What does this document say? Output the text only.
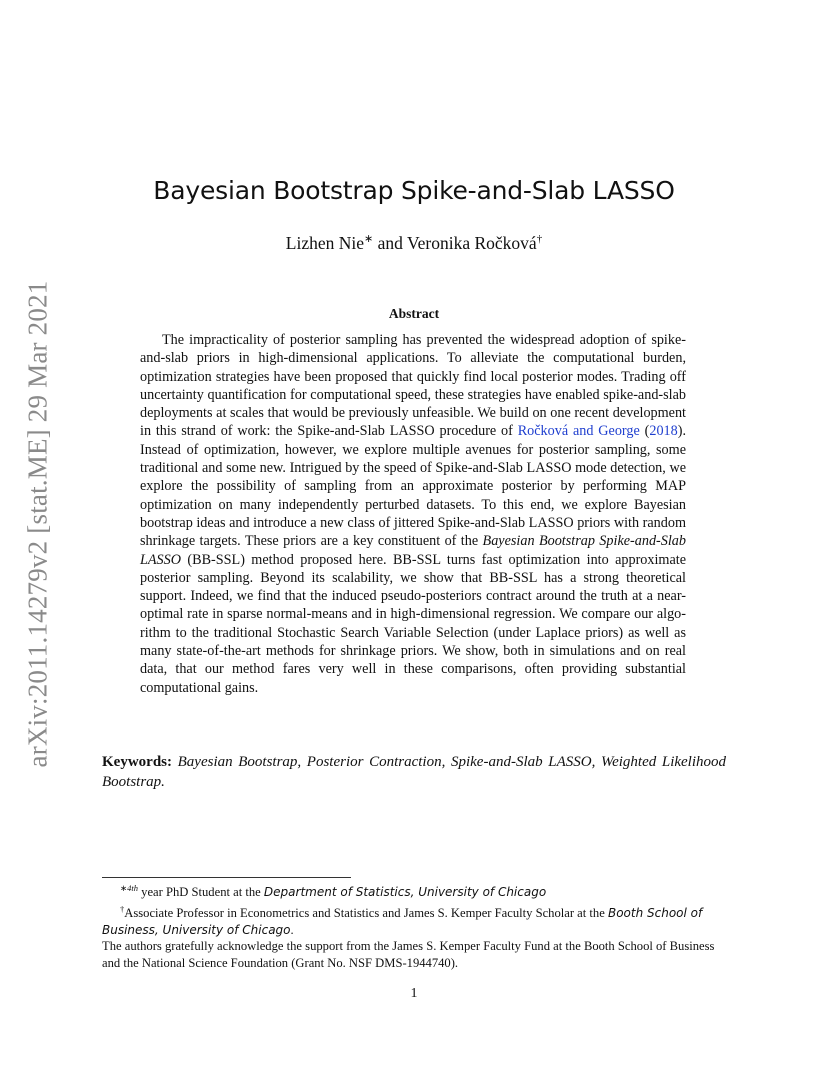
arXiv:2011.14279v2 [stat.ME] 29 Mar 2021
Bayesian Bootstrap Spike-and-Slab LASSO
Lizhen Nie∗ and Veronika Ročková†
Abstract
The impracticality of posterior sampling has prevented the widespread adoption of spike-and-slab priors in high-dimensional applications. To alleviate the computational burden, optimization strategies have been proposed that quickly find local posterior modes. Trading off uncertainty quantification for computational speed, these strategies have enabled spike-and-slab deployments at scales that would be previously unfeasible. We build on one recent development in this strand of work: the Spike-and-Slab LASSO procedure of Ročková and George (2018). Instead of optimization, however, we explore multiple avenues for posterior sampling, some traditional and some new. Intrigued by the speed of Spike-and-Slab LASSO mode detection, we explore the possibility of sampling from an approximate posterior by performing MAP optimization on many independently perturbed datasets. To this end, we explore Bayesian bootstrap ideas and introduce a new class of jittered Spike-and-Slab LASSO priors with random shrinkage targets. These priors are a key constituent of the Bayesian Bootstrap Spike-and-Slab LASSO (BB-SSL) method proposed here. BB-SSL turns fast optimization into approximate posterior sampling. Beyond its scalability, we show that BB-SSL has a strong theoretical support. Indeed, we find that the induced pseudo-posteriors contract around the truth at a near-optimal rate in sparse normal-means and in high-dimensional regression. We compare our algorithm to the traditional Stochastic Search Variable Selection (under Laplace priors) as well as many state-of-the-art methods for shrinkage priors. We show, both in simulations and on real data, that our method fares very well in these comparisons, often providing substantial computational gains.
Keywords: Bayesian Bootstrap, Posterior Contraction, Spike-and-Slab LASSO, Weighted Likelihood Bootstrap.

$^{∗4th}$ year PhD Student at the Department of Statistics, University of Chicago

†Associate Professor in Econometrics and Statistics and James S. Kemper Faculty Scholar at the Booth School of Business, University of Chicago.

The authors gratefully acknowledge the support from the James S. Kemper Faculty Fund at the Booth School of Business and the National Science Foundation (Grant No. NSF DMS-1944740).

1
